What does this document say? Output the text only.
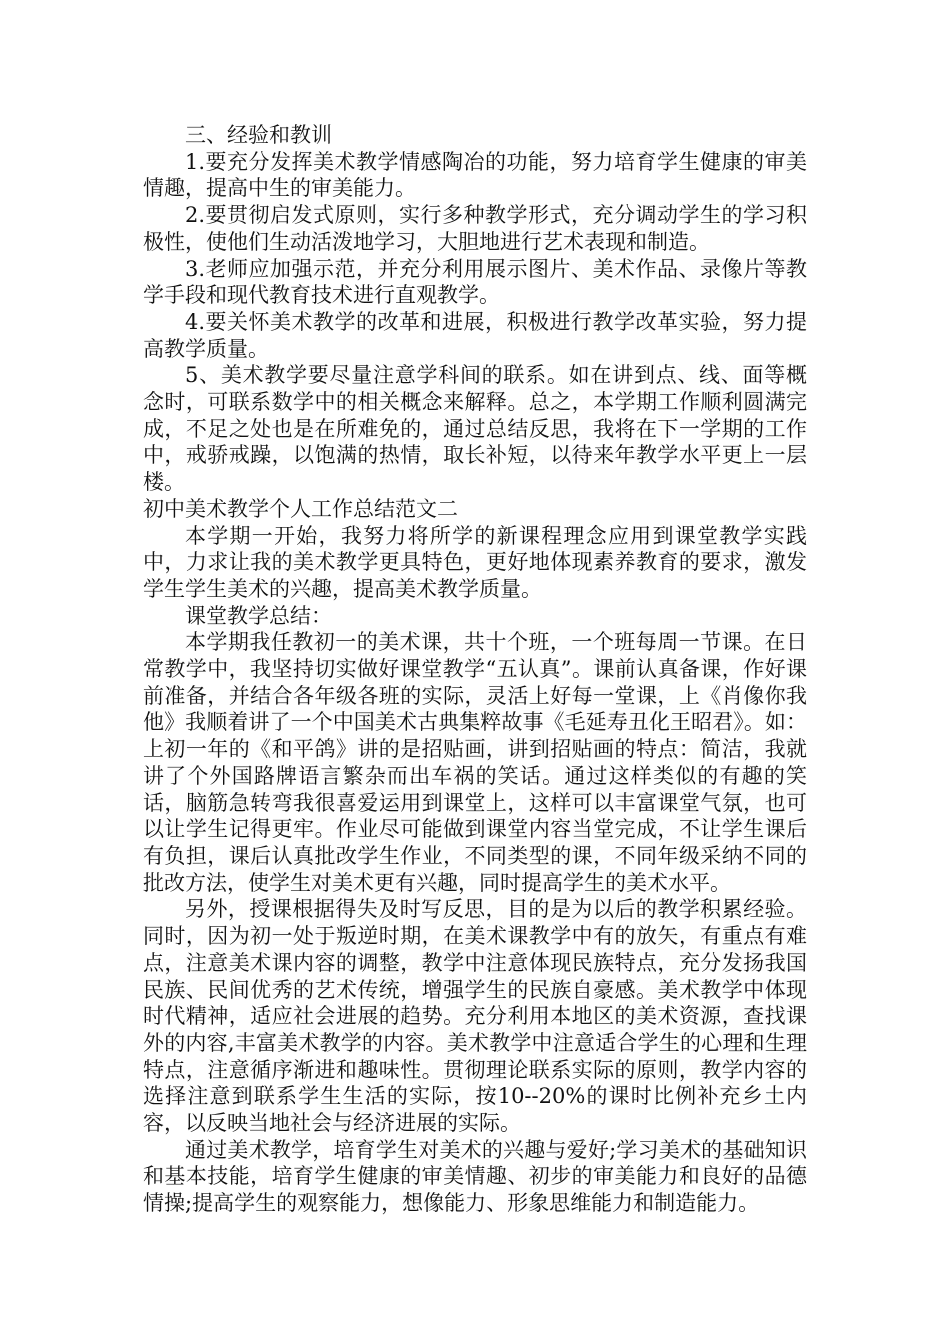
三、经验和教训

1.要充分发挥美术教学情感陶冶的功能，努力培育学生健康的审美情趣，提高中生的审美能力。

2.要贯彻启发式原则，实行多种教学形式，充分调动学生的学习积极性，使他们生动活泼地学习，大胆地进行艺术表现和制造。

3.老师应加强示范，并充分利用展示图片、美术作品、录像片等教学手段和现代教育技术进行直观教学。

4.要关怀美术教学的改革和进展，积极进行教学改革实验，努力提高教学质量。

5、美术教学要尽量注意学科间的联系。如在讲到点、线、面等概念时，可联系数学中的相关概念来解释。总之，本学期工作顺利圆满完成，不足之处也是在所难免的，通过总结反思，我将在下一学期的工作中，戒骄戒躁，以饱满的热情，取长补短，以待来年教学水平更上一层楼。

初中美术教学个人工作总结范文二

本学期一开始，我努力将所学的新课程理念应用到课堂教学实践中，力求让我的美术教学更具特色，更好地体现素养教育的要求，激发学生学生美术的兴趣，提高美术教学质量。

课堂教学总结：

本学期我任教初一的美术课，共十个班，一个班每周一节课。在日常教学中，我坚持切实做好课堂教学“五认真”。课前认真备课，作好课前准备，并结合各年级各班的实际，灵活上好每一堂课，上《肖像你我他》我顺着讲了一个中国美术古典集粹故事《毛延寿丑化王昭君》。如：上初一年的《和平鸽》讲的是招贴画，讲到招贴画的特点：简洁，我就讲了个外国路牌语言繁杂而出车祸的笑话。通过这样类似的有趣的笑话，脑筋急转弯我很喜爱运用到课堂上，这样可以丰富课堂气氛，也可以让学生记得更牢。作业尽可能做到课堂内容当堂完成，不让学生课后有负担，课后认真批改学生作业，不同类型的课，不同年级采纳不同的批改方法，使学生对美术更有兴趣，同时提高学生的美术水平。

另外，授课根据得失及时写反思，目的是为以后的教学积累经验。同时，因为初一处于叛逆时期，在美术课教学中有的放矢，有重点有难点，注意美术课内容的调整，教学中注意体现民族特点，充分发扬我国民族、民间优秀的艺术传统，增强学生的民族自豪感。美术教学中体现时代精神，适应社会进展的趋势。充分利用本地区的美术资源，查找课外的内容,丰富美术教学的内容。美术教学中注意适合学生的心理和生理特点，注意循序渐进和趣味性。贯彻理论联系实际的原则，教学内容的选择注意到联系学生生活的实际，按10--20%的课时比例补充乡土内容，以反映当地社会与经济进展的实际。

通过美术教学，培育学生对美术的兴趣与爱好;学习美术的基础知识和基本技能，培育学生健康的审美情趣、初步的审美能力和良好的品德情操;提高学生的观察能力，想像能力、形象思维能力和制造能力。
